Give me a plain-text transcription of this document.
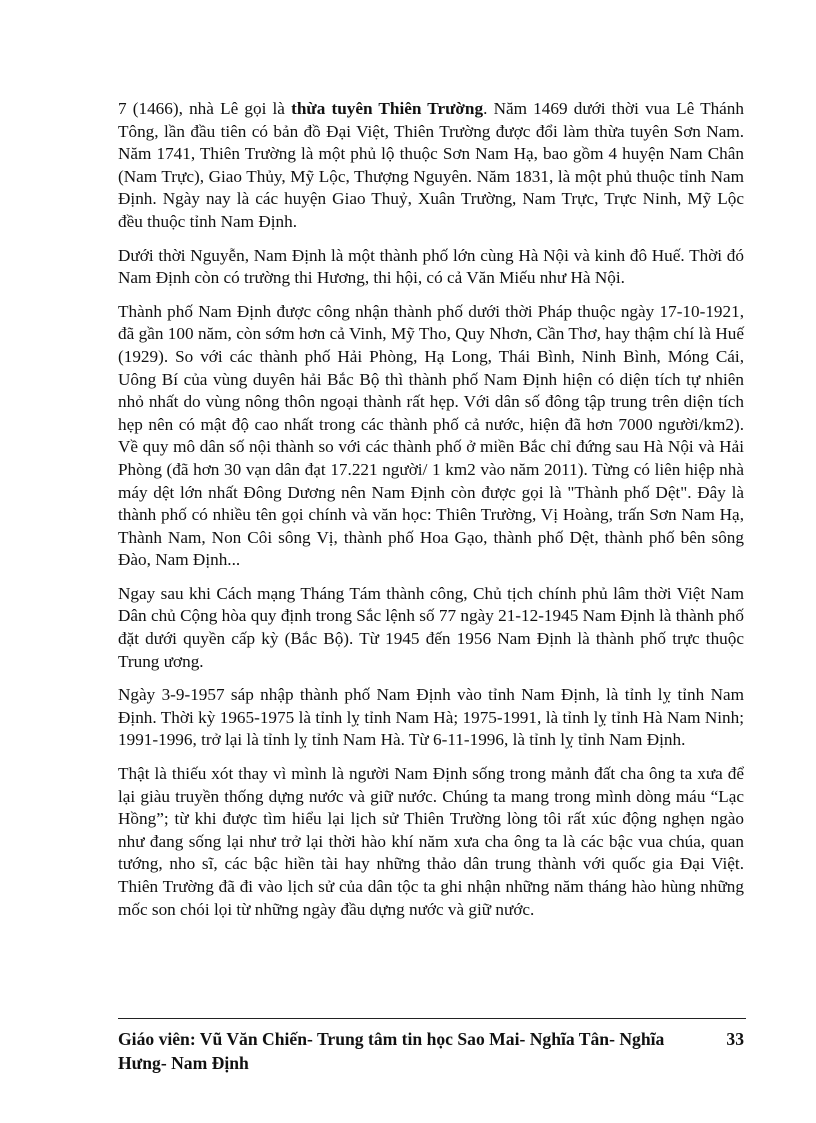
7 (1466), nhà Lê gọi là thừa tuyên Thiên Trường. Năm 1469 dưới thời vua Lê Thánh Tông, lần đầu tiên có bản đồ Đại Việt, Thiên Trường được đổi làm thừa tuyên Sơn Nam. Năm 1741, Thiên Trường là một phủ lộ thuộc Sơn Nam Hạ, bao gồm 4 huyện Nam Chân (Nam Trực), Giao Thủy, Mỹ Lộc, Thượng Nguyên. Năm 1831, là một phủ thuộc tỉnh Nam Định. Ngày nay là các huyện Giao Thuỷ, Xuân Trường, Nam Trực, Trực Ninh, Mỹ Lộc đều thuộc tỉnh Nam Định.

Dưới thời Nguyễn, Nam Định là một thành phố lớn cùng Hà Nội và kinh đô Huế. Thời đó Nam Định còn có trường thi Hương, thi hội, có cả Văn Miếu như Hà Nội.

Thành phố Nam Định được công nhận thành phố dưới thời Pháp thuộc ngày 17-10-1921, đã gần 100 năm, còn sớm hơn cả Vinh, Mỹ Tho, Quy Nhơn, Cần Thơ, hay thậm chí là Huế (1929). So với các thành phố Hải Phòng, Hạ Long, Thái Bình, Ninh Bình, Móng Cái, Uông Bí của vùng duyên hải Bắc Bộ thì thành phố Nam Định hiện có diện tích tự nhiên nhỏ nhất do vùng nông thôn ngoại thành rất hẹp. Với dân số đông tập trung trên diện tích hẹp nên có mật độ cao nhất trong các thành phố cả nước, hiện đã hơn 7000 người/km2). Về quy mô dân số nội thành so với các thành phố ở miền Bắc chỉ đứng sau Hà Nội và Hải Phòng (đã hơn 30 vạn dân đạt 17.221 người/ 1 km2 vào năm 2011). Từng có liên hiệp nhà máy dệt lớn nhất Đông Dương nên Nam Định còn được gọi là "Thành phố Dệt". Đây là thành phố có nhiều tên gọi chính và văn học: Thiên Trường, Vị Hoàng, trấn Sơn Nam Hạ, Thành Nam, Non Côi sông Vị, thành phố Hoa Gạo, thành phố Dệt, thành phố bên sông Đào, Nam Định...

Ngay sau khi Cách mạng Tháng Tám thành công, Chủ tịch chính phủ lâm thời Việt Nam Dân chủ Cộng hòa quy định trong Sắc lệnh số 77 ngày 21-12-1945 Nam Định là thành phố đặt dưới quyền cấp kỳ (Bắc Bộ). Từ 1945 đến 1956 Nam Định là thành phố trực thuộc Trung ương.

Ngày 3-9-1957 sáp nhập thành phố Nam Định vào tỉnh Nam Định, là tỉnh lỵ tỉnh Nam Định. Thời kỳ 1965-1975 là tỉnh lỵ tỉnh Nam Hà; 1975-1991, là tỉnh lỵ tỉnh Hà Nam Ninh; 1991-1996, trở lại là tỉnh lỵ tỉnh Nam Hà. Từ 6-11-1996, là tỉnh lỵ tỉnh Nam Định.

Thật là thiếu xót thay vì mình là người Nam Định sống trong mảnh đất cha ông ta xưa để lại giàu truyền thống dựng nước và giữ nước. Chúng ta mang trong mình dòng máu “Lạc Hồng”; từ khi được tìm hiểu lại lịch sử Thiên Trường lòng tôi rất xúc động nghẹn ngào như đang sống lại như trở lại thời hào khí năm xưa cha ông ta là các bậc vua chúa, quan tướng, nho sĩ, các bậc hiền tài hay những thảo dân trung thành với quốc gia Đại Việt. Thiên Trường đã đi vào lịch sử của dân tộc ta ghi nhận những năm tháng hào hùng những mốc son chói lọi từ những ngày đầu dựng nước và giữ nước.

Giáo viên: Vũ Văn Chiến- Trung tâm tin học Sao Mai- Nghĩa Tân- Nghĩa Hưng- Nam Định
33
